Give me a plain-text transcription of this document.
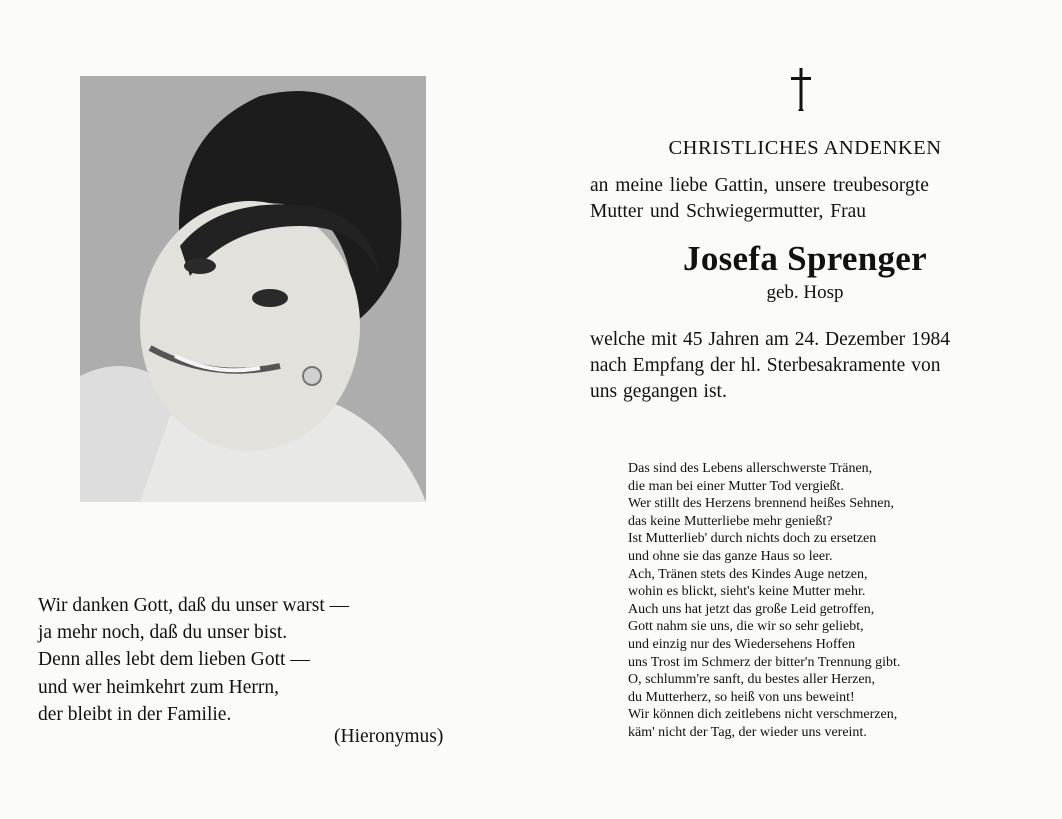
CHRISTLICHES ANDENKEN
an meine liebe Gattin, unsere treubesorgte
Mutter und Schwiegermutter, Frau
Josefa Sprenger
geb. Hosp
welche mit 45 Jahren am 24. Dezember 1984
nach Empfang der hl. Sterbesakramente von
uns gegangen ist.
Das sind des Lebens allerschwerste Tränen,
die man bei einer Mutter Tod vergießt.
Wer stillt des Herzens brennend heißes Sehnen,
das keine Mutterliebe mehr genießt?
Ist Mutterlieb' durch nichts doch zu ersetzen
und ohne sie das ganze Haus so leer.
Ach, Tränen stets des Kindes Auge netzen,
wohin es blickt, sieht's keine Mutter mehr.
Auch uns hat jetzt das große Leid getroffen,
Gott nahm sie uns, die wir so sehr geliebt,
und einzig nur des Wiedersehens Hoffen
uns Trost im Schmerz der bitter'n Trennung gibt.
O, schlumm're sanft, du bestes aller Herzen,
du Mutterherz, so heiß von uns beweint!
Wir können dich zeitlebens nicht verschmerzen,
käm' nicht der Tag, der wieder uns vereint.
Wir danken Gott, daß du unser warst —
ja mehr noch, daß du unser bist.
Denn alles lebt dem lieben Gott —
und wer heimkehrt zum Herrn,
der bleibt in der Familie.
(Hieronymus)
